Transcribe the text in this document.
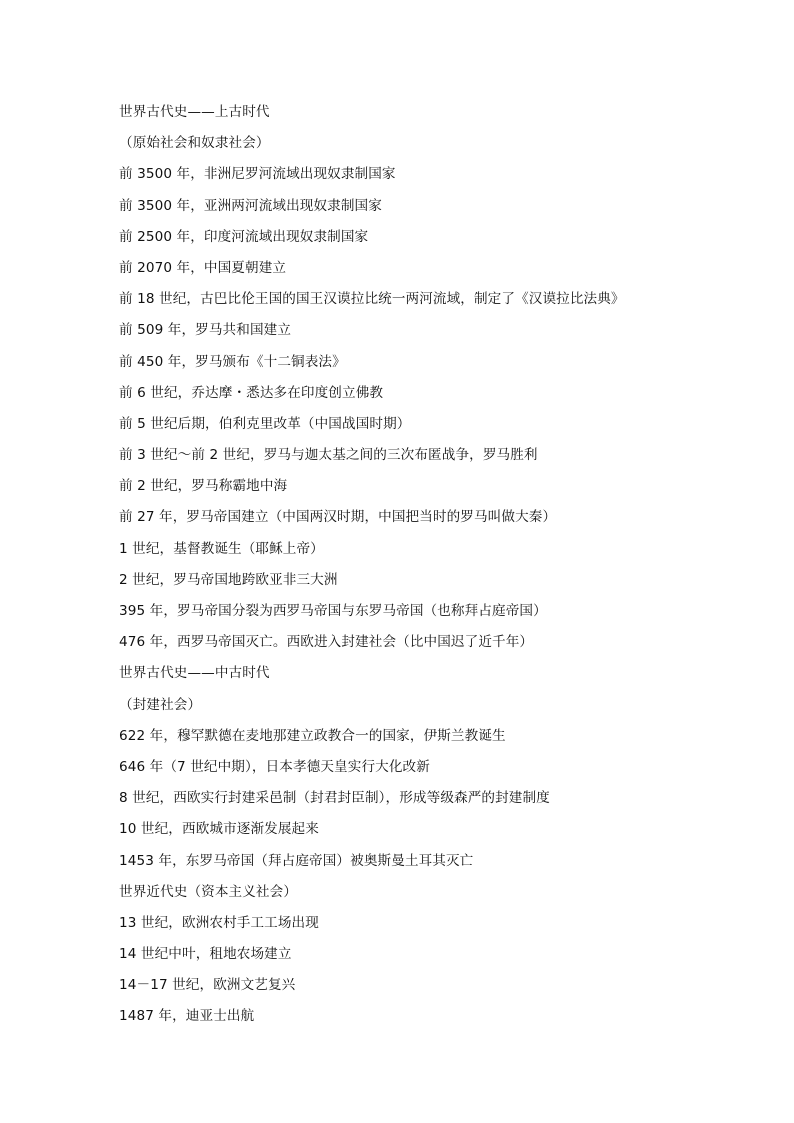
世界古代史——上古时代
（原始社会和奴隶社会）
前 3500 年，非洲尼罗河流域出现奴隶制国家
前 3500 年，亚洲两河流域出现奴隶制国家
前 2500 年，印度河流域出现奴隶制国家
前 2070 年，中国夏朝建立
前 18 世纪，古巴比伦王国的国王汉谟拉比统一两河流域，制定了《汉谟拉比法典》
前 509 年，罗马共和国建立
前 450 年，罗马颁布《十二铜表法》
前 6 世纪，乔达摩・悉达多在印度创立佛教
前 5 世纪后期，伯利克里改革（中国战国时期）
前 3 世纪～前 2 世纪，罗马与迦太基之间的三次布匿战争，罗马胜利
前 2 世纪，罗马称霸地中海
前 27 年，罗马帝国建立（中国两汉时期，中国把当时的罗马叫做大秦）
1 世纪，基督教诞生（耶稣上帝）
2 世纪，罗马帝国地跨欧亚非三大洲
395 年，罗马帝国分裂为西罗马帝国与东罗马帝国（也称拜占庭帝国）
476 年，西罗马帝国灭亡。西欧进入封建社会（比中国迟了近千年）
世界古代史——中古时代
（封建社会）
622 年，穆罕默德在麦地那建立政教合一的国家，伊斯兰教诞生
646 年（7 世纪中期），日本孝德天皇实行大化改新
8 世纪，西欧实行封建采邑制（封君封臣制），形成等级森严的封建制度
10 世纪，西欧城市逐渐发展起来
1453 年，东罗马帝国（拜占庭帝国）被奥斯曼土耳其灭亡
世界近代史（资本主义社会）
13 世纪，欧洲农村手工工场出现
14 世纪中叶，租地农场建立
14－17 世纪，欧洲文艺复兴
1487 年，迪亚士出航
